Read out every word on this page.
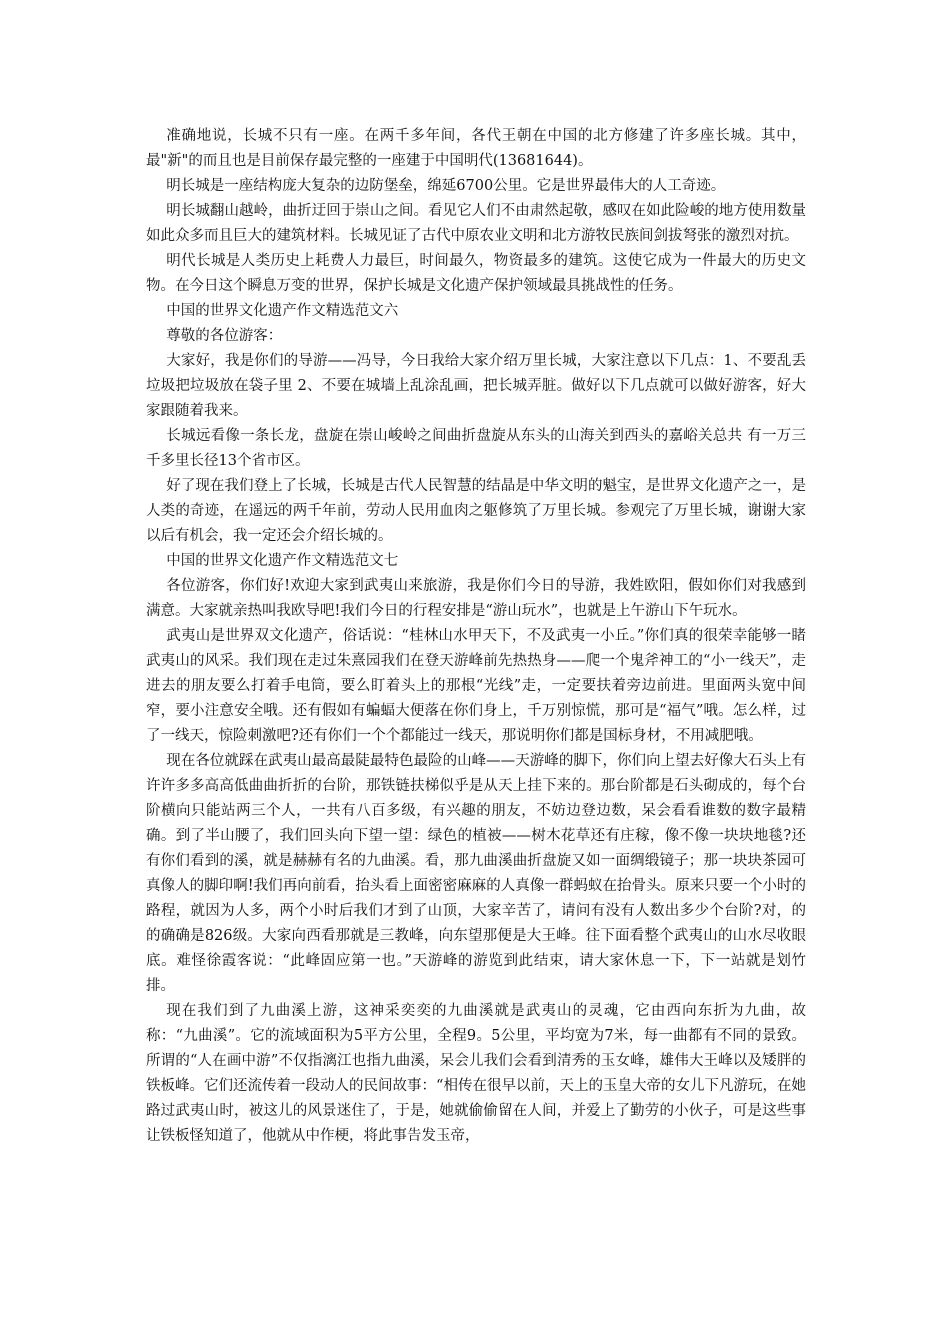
准确地说，长城不只有一座。在两千多年间，各代王朝在中国的北方修建了许多座长城。其中，最"新"的而且也是目前保存最完整的一座建于中国明代(13681644)。

明长城是一座结构庞大复杂的边防堡垒，绵延6700公里。它是世界最伟大的人工奇迹。

明长城翻山越岭，曲折迂回于崇山之间。看见它人们不由肃然起敬，感叹在如此险峻的地方使用数量如此众多而且巨大的建筑材料。长城见证了古代中原农业文明和北方游牧民族间剑拔弩张的激烈对抗。

明代长城是人类历史上耗费人力最巨，时间最久，物资最多的建筑。这使它成为一件最大的历史文物。在今日这个瞬息万变的世界，保护长城是文化遗产保护领域最具挑战性的任务。

中国的世界文化遗产作文精选范文六

尊敬的各位游客：

大家好，我是你们的导游——冯导，今日我给大家介绍万里长城，大家注意以下几点：1、不要乱丢垃圾把垃圾放在袋子里 2、不要在城墙上乱涂乱画，把长城弄脏。做好以下几点就可以做好游客，好大家跟随着我来。

长城远看像一条长龙，盘旋在崇山峻岭之间曲折盘旋从东头的山海关到西头的嘉峪关总共 有一万三千多里长径13个省市区。

好了现在我们登上了长城，长城是古代人民智慧的结晶是中华文明的魁宝，是世界文化遗产之一，是人类的奇迹，在遥远的两千年前，劳动人民用血肉之躯修筑了万里长城。参观完了万里长城，谢谢大家以后有机会，我一定还会介绍长城的。

中国的世界文化遗产作文精选范文七

各位游客，你们好!欢迎大家到武夷山来旅游，我是你们今日的导游，我姓欧阳，假如你们对我感到满意。大家就亲热叫我欧导吧!我们今日的行程安排是“游山玩水”，也就是上午游山下午玩水。

武夷山是世界双文化遗产，俗话说：“桂林山水甲天下，不及武夷一小丘。”你们真的很荣幸能够一睹武夷山的风采。我们现在走过朱熹园我们在登天游峰前先热热身——爬一个鬼斧神工的“小一线天”，走进去的朋友要么打着手电筒，要么盯着头上的那根“光线”走，一定要扶着旁边前进。里面两头宽中间窄，要小注意安全哦。还有假如有蝙蝠大便落在你们身上，千万别惊慌，那可是“福气”哦。怎么样，过了一线天，惊险刺激吧?还有你们一个个都能过一线天，那说明你们都是国标身材，不用减肥哦。

现在各位就踩在武夷山最高最陡最特色最险的山峰——天游峰的脚下，你们向上望去好像大石头上有许许多多高高低曲曲折折的台阶，那铁链扶梯似乎是从天上挂下来的。那台阶都是石头砌成的，每个台阶横向只能站两三个人，一共有八百多级，有兴趣的朋友，不妨边登边数，呆会看看谁数的数字最精确。到了半山腰了，我们回头向下望一望：绿色的植被——树木花草还有庄稼，像不像一块块地毯?还有你们看到的溪，就是赫赫有名的九曲溪。看，那九曲溪曲折盘旋又如一面绸缎镜子；那一块块茶园可真像人的脚印啊!我们再向前看，抬头看上面密密麻麻的人真像一群蚂蚁在抬骨头。原来只要一个小时的路程，就因为人多，两个小时后我们才到了山顶，大家辛苦了，请问有没有人数出多少个台阶?对，的的确确是826级。大家向西看那就是三教峰，向东望那便是大王峰。往下面看整个武夷山的山水尽收眼底。难怪徐霞客说：“此峰固应第一也。”天游峰的游览到此结束，请大家休息一下，下一站就是划竹排。

现在我们到了九曲溪上游，这神采奕奕的九曲溪就是武夷山的灵魂，它由西向东折为九曲，故称：“九曲溪”。它的流域面积为5平方公里，全程9。5公里，平均宽为7米，每一曲都有不同的景致。所谓的“人在画中游”不仅指漓江也指九曲溪，呆会儿我们会看到清秀的玉女峰，雄伟大王峰以及矮胖的铁板峰。它们还流传着一段动人的民间故事：“相传在很早以前，天上的玉皇大帝的女儿下凡游玩，在她路过武夷山时，被这儿的风景迷住了，于是，她就偷偷留在人间，并爱上了勤劳的小伙子，可是这些事让铁板怪知道了，他就从中作梗，将此事告发玉帝，
